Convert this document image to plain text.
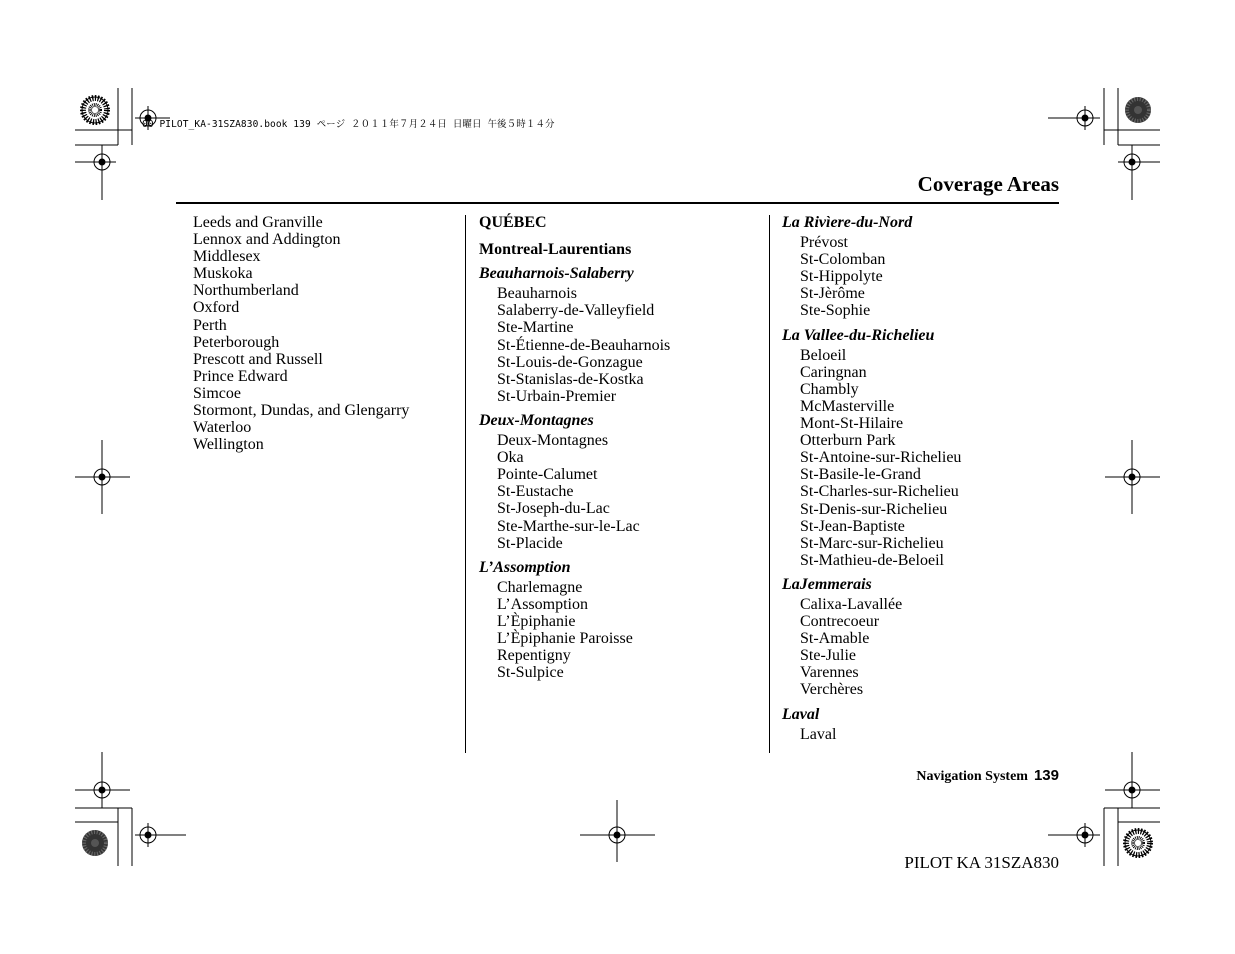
00 PILOT_KA-31SZA830.book 139 ページ ２０１１年７月２４日 日曜日 午後５時１４分
Coverage Areas
Leeds and Granville
Lennox and Addington
Middlesex
Muskoka
Northumberland
Oxford
Perth
Peterborough
Prescott and Russell
Prince Edward
Simcoe
Stormont, Dundas, and Glengarry
Waterloo
Wellington
QUÉBEC
Montreal-Laurentians
Beauharnois-Salaberry
Beauharnois
Salaberry-de-Valleyfield
Ste-Martine
St-Étienne-de-Beauharnois
St-Louis-de-Gonzague
St-Stanislas-de-Kostka
St-Urbain-Premier
Deux-Montagnes
Deux-Montagnes
Oka
Pointe-Calumet
St-Eustache
St-Joseph-du-Lac
Ste-Marthe-sur-le-Lac
St-Placide
L’Assomption
Charlemagne
L’Assomption
L’Èpiphanie
L’Èpiphanie Paroisse
Repentigny
St-Sulpice
La Rivìere-du-Nord
Prévost
St-Colomban
St-Hippolyte
St-Jèrôme
Ste-Sophie
La Vallee-du-Richelieu
Beloeil
Caringnan
Chambly
McMasterville
Mont-St-Hilaire
Otterburn Park
St-Antoine-sur-Richelieu
St-Basile-le-Grand
St-Charles-sur-Richelieu
St-Denis-sur-Richelieu
St-Jean-Baptiste
St-Marc-sur-Richelieu
St-Mathieu-de-Beloeil
LaJemmerais
Calixa-Lavallée
Contrecoeur
St-Amable
Ste-Julie
Varennes
Verchères
Laval
Laval
Navigation System 139
PILOT KA 31SZA830
